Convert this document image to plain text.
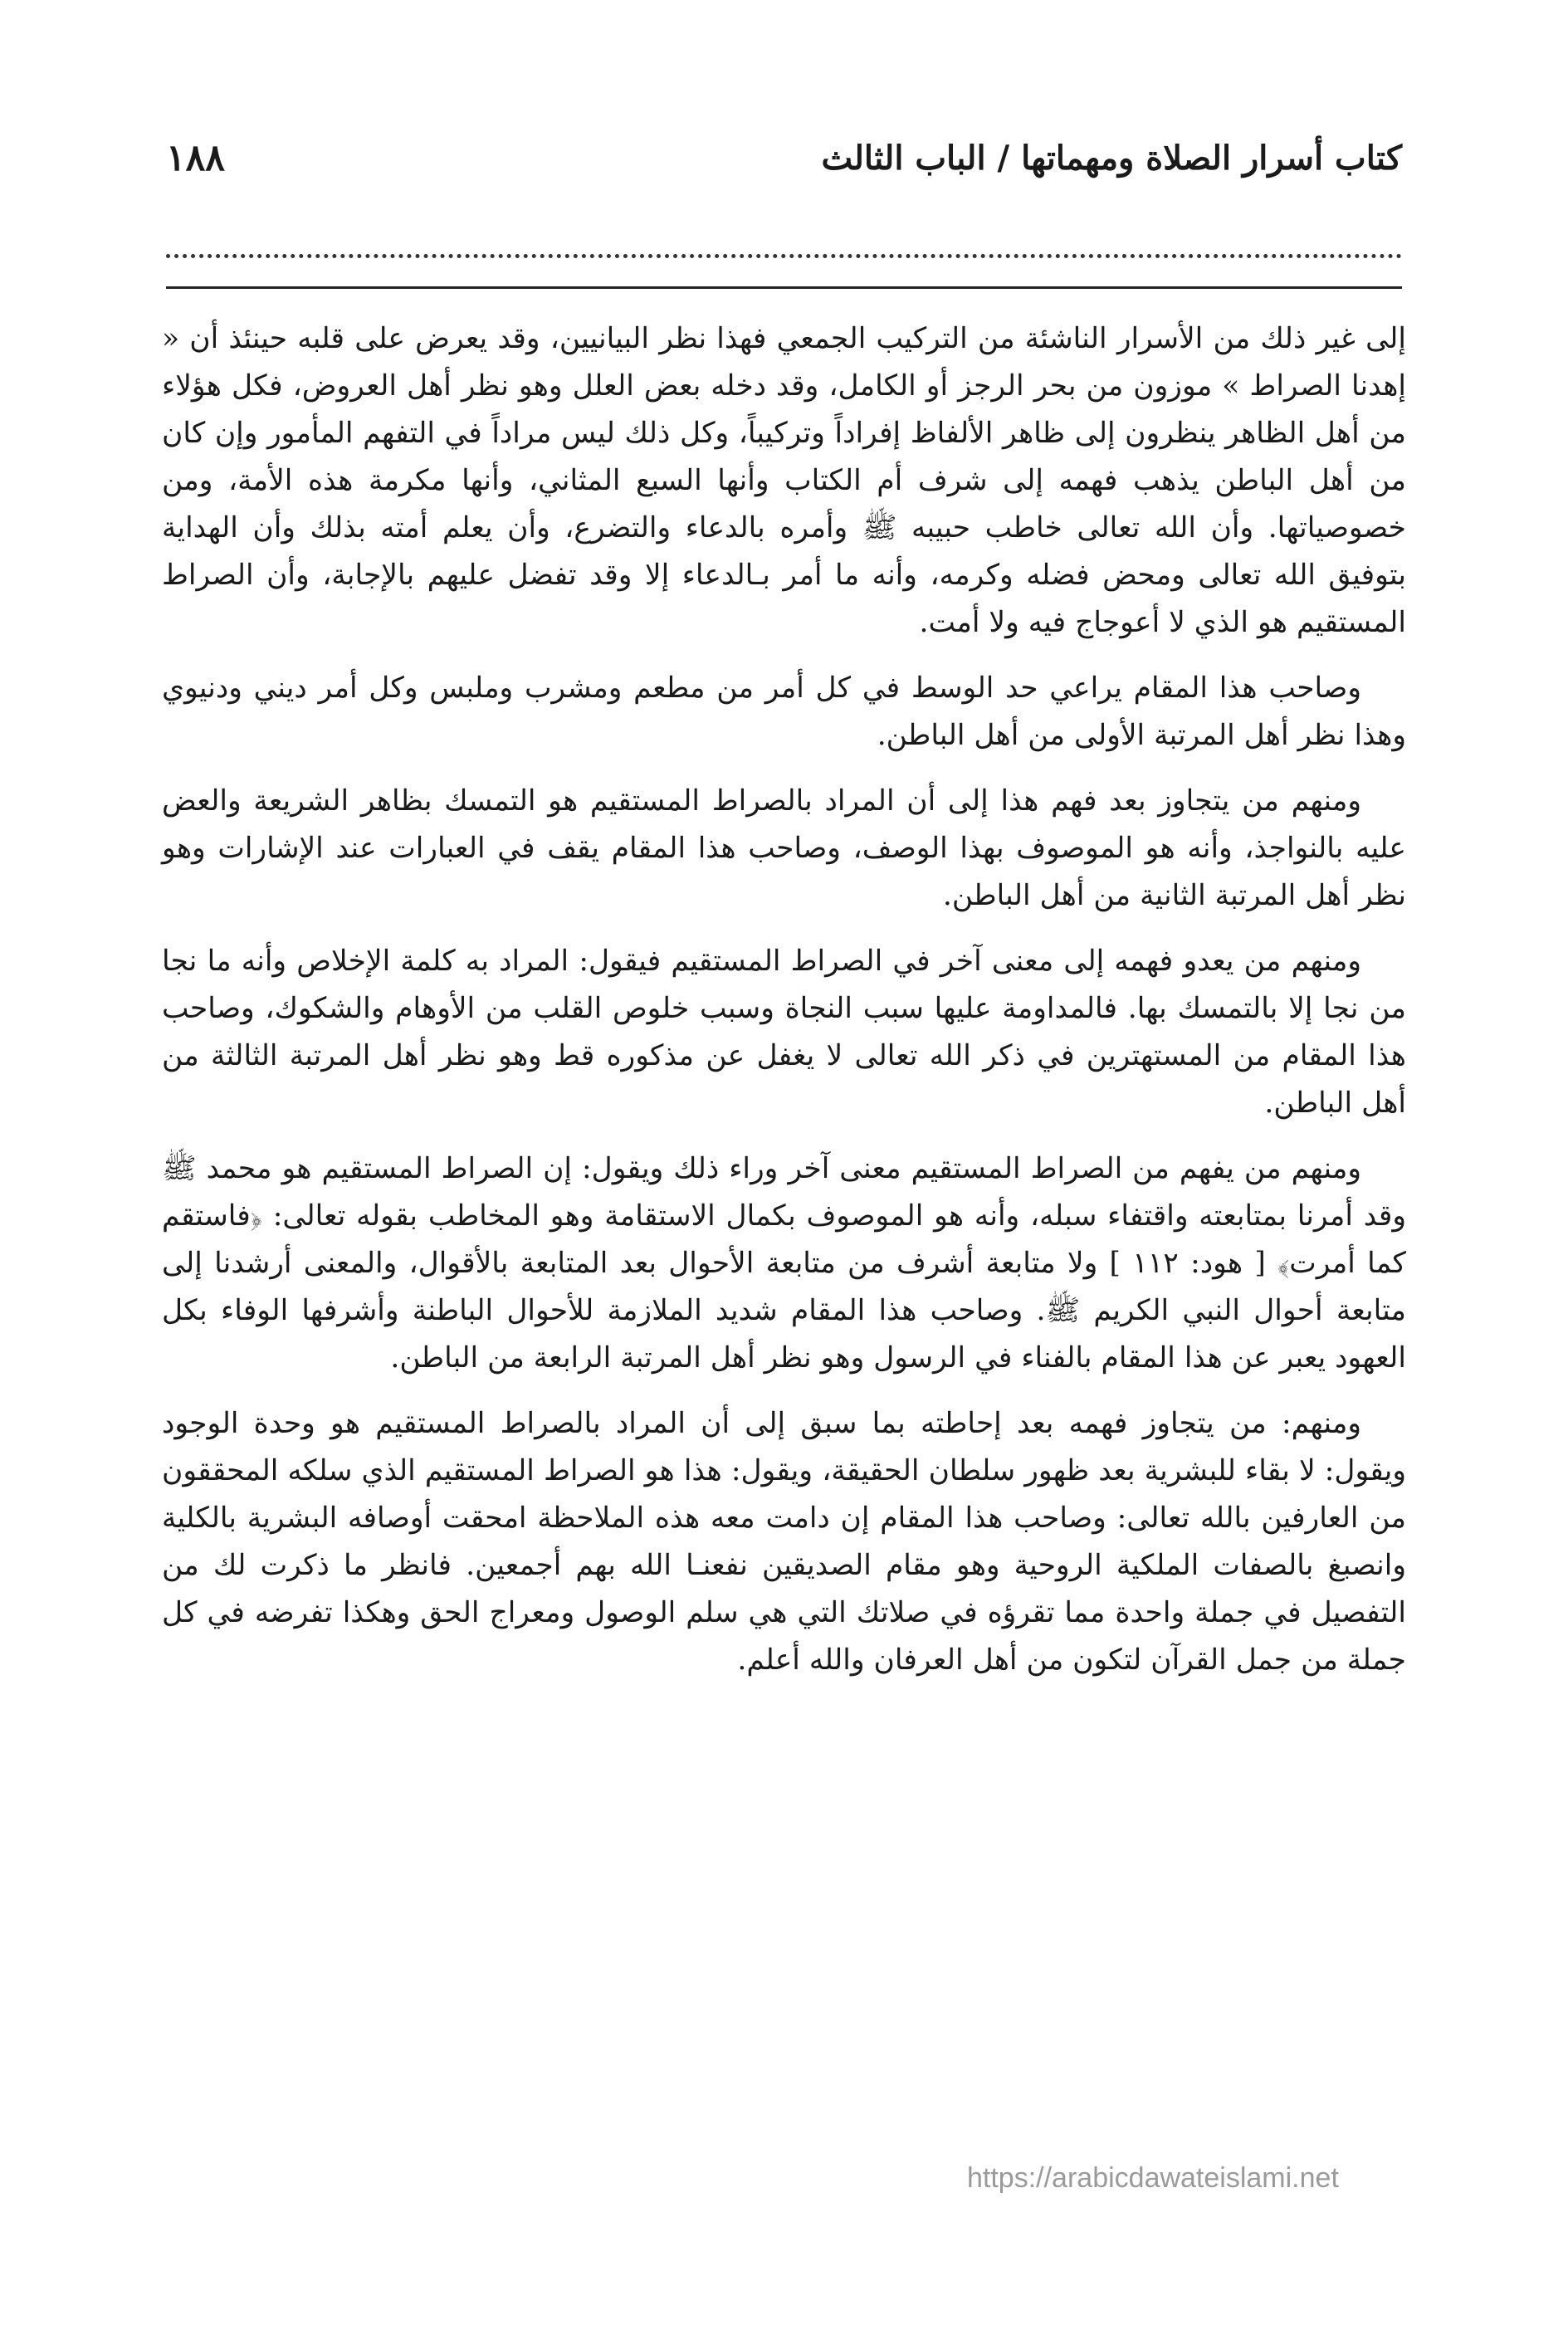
كتاب أسرار الصلاة ومهماتها / الباب الثالث
١٨٨

إلى غير ذلك من الأسرار الناشئة من التركيب الجمعي فهذا نظر البيانيين، وقد يعرض على قلبه حينئذ أن « إهدنا الصراط » موزون من بحر الرجز أو الكامل، وقد دخله بعض العلل وهو نظر أهل العروض، فكل هؤلاء من أهل الظاهر ينظرون إلى ظاهر الألفاظ إفراداً وتركيباً، وكل ذلك ليس مراداً في التفهم المأمور وإن كان من أهل الباطن يذهب فهمه إلى شرف أم الكتاب وأنها السبع المثاني، وأنها مكرمة هذه الأمة، ومن خصوصياتها. وأن الله تعالى خاطب حبيبه ﷺ وأمره بالدعاء والتضرع، وأن يعلم أمته بذلك وأن الهداية بتوفيق الله تعالى ومحض فضله وكرمه، وأنه ما أمر بـالدعاء إلا وقد تفضل عليهم بالإجابة، وأن الصراط المستقيم هو الذي لا أعوجاج فيه ولا أمت.

وصاحب هذا المقام يراعي حد الوسط في كل أمر من مطعم ومشرب وملبس وكل أمر ديني ودنيوي وهذا نظر أهل المرتبة الأولى من أهل الباطن.

ومنهم من يتجاوز بعد فهم هذا إلى أن المراد بالصراط المستقيم هو التمسك بظاهر الشريعة والعض عليه بالنواجذ، وأنه هو الموصوف بهذا الوصف، وصاحب هذا المقام يقف في العبارات عند الإشارات وهو نظر أهل المرتبة الثانية من أهل الباطن.

ومنهم من يعدو فهمه إلى معنى آخر في الصراط المستقيم فيقول: المراد به كلمة الإخلاص وأنه ما نجا من نجا إلا بالتمسك بها. فالمداومة عليها سبب النجاة وسبب خلوص القلب من الأوهام والشكوك، وصاحب هذا المقام من المستهترين في ذكر الله تعالى لا يغفل عن مذكوره قط وهو نظر أهل المرتبة الثالثة من أهل الباطن.

ومنهم من يفهم من الصراط المستقيم معنى آخر وراء ذلك ويقول: إن الصراط المستقيم هو محمد ﷺ وقد أمرنا بمتابعته واقتفاء سبله، وأنه هو الموصوف بكمال الاستقامة وهو المخاطب بقوله تعالى: ﴿فاستقم كما أمرت﴾ [ هود: ١١٢ ] ولا متابعة أشرف من متابعة الأحوال بعد المتابعة بالأقوال، والمعنى أرشدنا إلى متابعة أحوال النبي الكريم ﷺ. وصاحب هذا المقام شديد الملازمة للأحوال الباطنة وأشرفها الوفاء بكل العهود يعبر عن هذا المقام بالفناء في الرسول وهو نظر أهل المرتبة الرابعة من الباطن.

ومنهم: من يتجاوز فهمه بعد إحاطته بما سبق إلى أن المراد بالصراط المستقيم هو وحدة الوجود ويقول: لا بقاء للبشرية بعد ظهور سلطان الحقيقة، ويقول: هذا هو الصراط المستقيم الذي سلكه المحققون من العارفين بالله تعالى: وصاحب هذا المقام إن دامت معه هذه الملاحظة امحقت أوصافه البشرية بالكلية وانصبغ بالصفات الملكية الروحية وهو مقام الصديقين نفعنـا الله بهم أجمعين. فانظر ما ذكرت لك من التفصيل في جملة واحدة مما تقرؤه في صلاتك التي هي سلم الوصول ومعراج الحق وهكذا تفرضه في كل جملة من جمل القرآن لتكون من أهل العرفان والله أعلم.

https://arabicdawateislami.net
